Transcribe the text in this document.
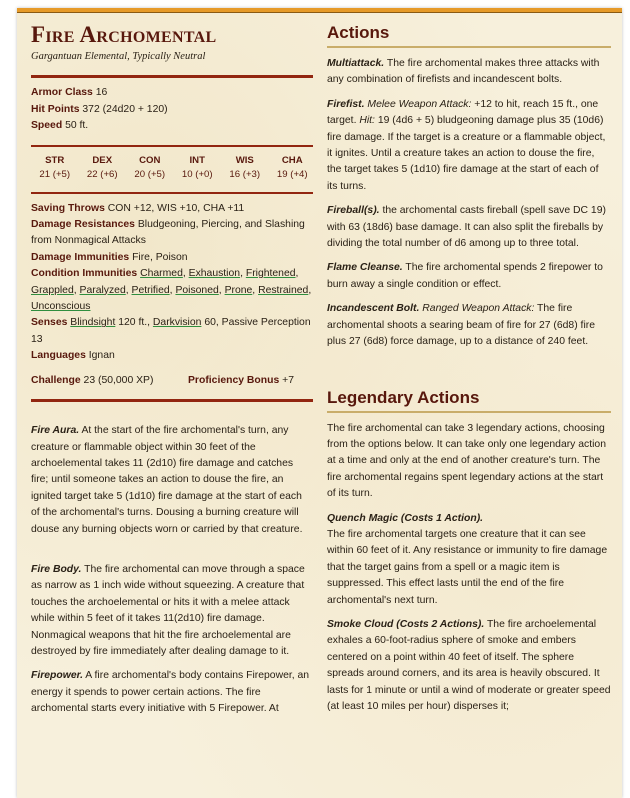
Fire Archomental
Gargantuan Elemental, Typically Neutral
Armor Class 16
Hit Points 372 (24d20 + 120)
Speed 50 ft.
STR
21 (+5)
DEX
22 (+6)
CON
20 (+5)
INT
10 (+0)
WIS
16 (+3)
CHA
19 (+4)
Saving Throws CON +12, WIS +10, CHA +11
Damage Resistances Bludgeoning, Piercing, and Slashing from Nonmagical Attacks
Damage Immunities Fire, Poison
Condition Immunities Charmed, Exhaustion, Frightened, Grappled, Paralyzed, Petrified, Poisoned, Prone, Restrained, Unconscious
Senses Blindsight 120 ft., Darkvision 60, Passive Perception 13
Languages Ignan
Challenge 23 (50,000 XP)	Proficiency Bonus +7

Fire Aura. At the start of the fire archomental's turn, any creature or flammable object within 30 feet of the archoelemental takes 11 (2d10) fire damage and catches fire; until someone takes an action to douse the fire, an ignited target take 5 (1d10) fire damage at the start of each of the archomental's turns. Dousing a burning creature will douse any burning objects worn or carried by that creature.

Fire Body. The fire archomental can move through a space as narrow as 1 inch wide without squeezing. A creature that touches the archoelemental or hits it with a melee attack while within 5 feet of it takes 11(2d10) fire damage. Nonmagical weapons that hit the fire archoelemental are destroyed by fire immediately after dealing damage to it.

Firepower. A fire archomental's body contains Firepower, an energy it spends to power certain actions. The fire archomental starts every initiative with 5 Firepower. At

Actions

Multiattack. The fire archomental makes three attacks with any combination of firefists and incandescent bolts.

Firefist. Melee Weapon Attack: +12 to hit, reach 15 ft., one target. Hit: 19 (4d6 + 5) bludgeoning damage plus 35 (10d6) fire damage. If the target is a creature or a flammable object, it ignites. Until a creature takes an action to douse the fire, the target takes 5 (1d10) fire damage at the start of each of its turns.

Fireball(s). the archomental casts fireball (spell save DC 19) with 63 (18d6) base damage. It can also split the fireballs by dividing the total number of d6 among up to three total.

Flame Cleanse. The fire archomental spends 2 firepower to burn away a single condition or effect.

Incandescent Bolt. Ranged Weapon Attack: The fire archomental shoots a searing beam of fire for 27 (6d8) fire plus 27 (6d8) force damage, up to a distance of 240 feet.

Legendary Actions

The fire archomental can take 3 legendary actions, choosing from the options below. It can take only one legendary action at a time and only at the end of another creature's turn. The fire archomental regains spent legendary actions at the start of its turn.

Quench Magic (Costs 1 Action).
The fire archomental targets one creature that it can see within 60 feet of it. Any resistance or immunity to fire damage that the target gains from a spell or a magic item is suppressed. This effect lasts until the end of the fire archomental's next turn.

Smoke Cloud (Costs 2 Actions). The fire archoelemental exhales a 60-foot-radius sphere of smoke and embers centered on a point within 40 feet of itself. The sphere spreads around corners, and its area is heavily obscured. It lasts for 1 minute or until a wind of moderate or greater speed (at least 10 miles per hour) disperses it;
